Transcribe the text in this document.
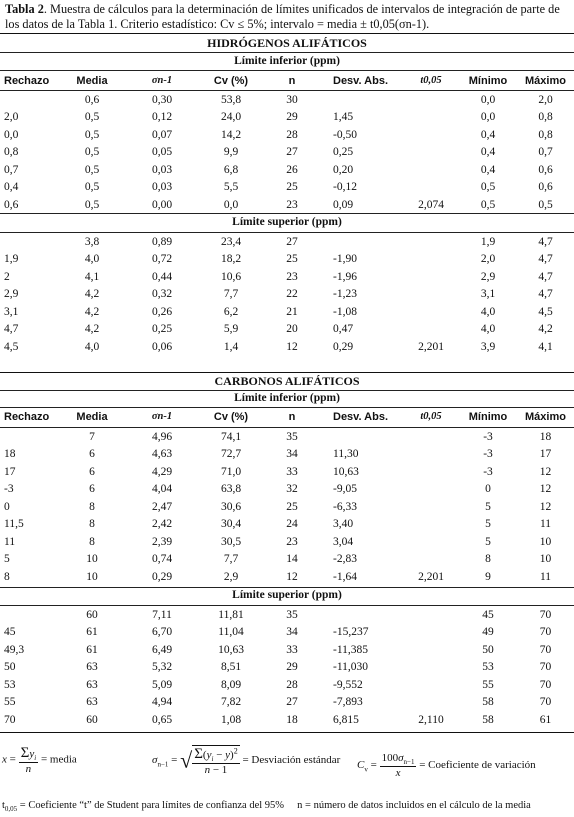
Tabla 2. Muestra de cálculos para la determinación de límites unificados de intervalos de integración de parte de los datos de la Tabla 1. Criterio estadístico: Cv ≤ 5%; intervalo = media ± t0,05(σn-1).
HIDRÓGENOS ALIFÁTICOS
Límite inferior (ppm)
Rechazo	Media	σn-1	Cv (%)	n	Desv. Abs.	t0,05	Mínimo	Máximo
	0,6	0,30	53,8	30			0,0	2,0
2,0	0,5	0,12	24,0	29	1,45		0,0	0,8
0,0	0,5	0,07	14,2	28	-0,50		0,4	0,8
0,8	0,5	0,05	9,9	27	0,25		0,4	0,7
0,7	0,5	0,03	6,8	26	0,20		0,4	0,6
0,4	0,5	0,03	5,5	25	-0,12		0,5	0,6
0,6	0,5	0,00	0,0	23	0,09	2,074	0,5	0,5
Límite superior (ppm)
	3,8	0,89	23,4	27			1,9	4,7
1,9	4,0	0,72	18,2	25	-1,90		2,0	4,7
2	4,1	0,44	10,6	23	-1,96		2,9	4,7
2,9	4,2	0,32	7,7	22	-1,23		3,1	4,7
3,1	4,2	0,26	6,2	21	-1,08		4,0	4,5
4,7	4,2	0,25	5,9	20	0,47		4,0	4,2
4,5	4,0	0,06	1,4	12	0,29	2,201	3,9	4,1
CARBONOS ALIFÁTICOS
Límite inferior (ppm)
Rechazo	Media	σn-1	Cv (%)	n	Desv. Abs.	t0,05	Mínimo	Máximo
	7	4,96	74,1	35			-3	18
18	6	4,63	72,7	34	11,30		-3	17
17	6	4,29	71,0	33	10,63		-3	12
-3	6	4,04	63,8	32	-9,05		0	12
0	8	2,47	30,6	25	-6,33		5	12
11,5	8	2,42	30,4	24	3,40		5	11
11	8	2,39	30,5	23	3,04		5	10
5	10	0,74	7,7	14	-2,83		8	10
8	10	0,29	2,9	12	-1,64	2,201	9	11
Límite superior (ppm)
	60	7,11	11,81	35			45	70
45	61	6,70	11,04	34	-15,237		49	70
49,3	61	6,49	10,63	33	-11,385		50	70
50	63	5,32	8,51	29	-11,030		53	70
53	63	5,09	8,09	28	-9,552		55	70
55	63	4,94	7,82	27	-7,893		58	70
70	60	0,65	1,08	18	6,815	2,110	58	61
$x = \frac{\Sigma y_i}{n}$ = media	$\sigma_{n-1}$ = √ $\frac{\Sigma(y_i - y)^2}{n - 1}$ = Desviación estándar $C_v = \frac{100\sigma_{n-1}}{x}$ = Coeficiente de variación
$t_{0,05}$ = Coeficiente “t” de Student para límites de confianza del 95% n = número de datos incluidos en el cálculo de la media
